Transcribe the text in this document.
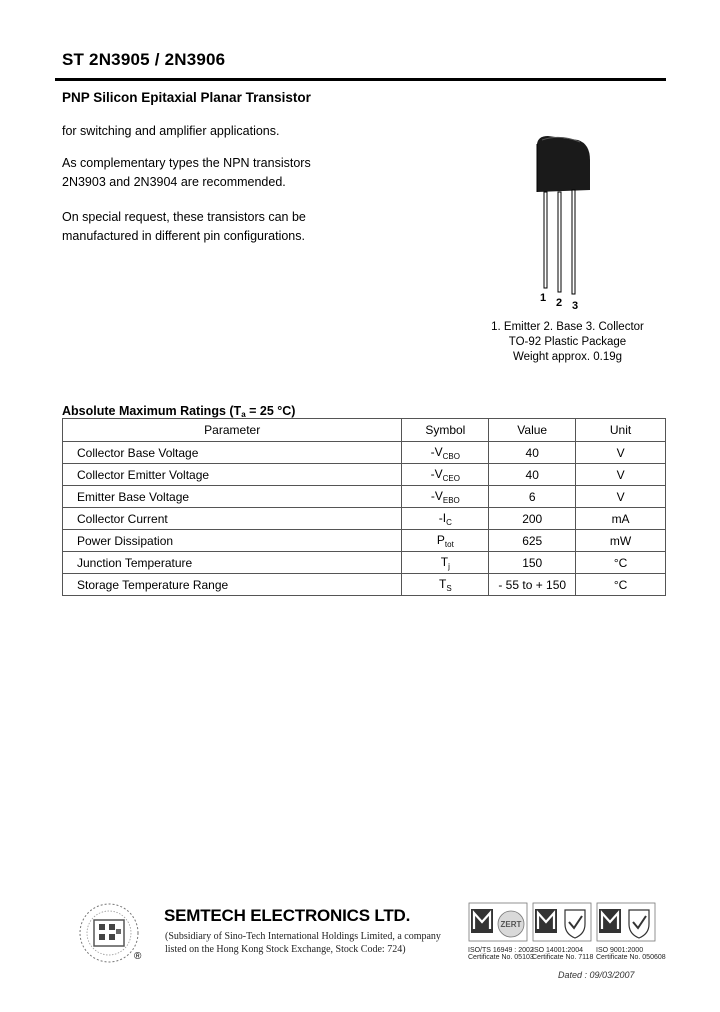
ST 2N3905 / 2N3906
PNP Silicon Epitaxial Planar Transistor
for switching and amplifier applications.
As complementary types the NPN transistors
2N3903 and 2N3904 are recommended.
On special request, these transistors can be
manufactured in different pin configurations.
1 2 3
1. Emitter 2. Base 3. Collector
TO-92 Plastic Package
Weight approx. 0.19g
Absolute Maximum Ratings ($T_a = 25$ °C)
Parameter	Symbol	Value	Unit
Collector Base Voltage	$-V_{CBO}$	40	V
Collector Emitter Voltage	$-V_{CEO}$	40	V
Emitter Base Voltage	$-V_{EBO}$	6	V
Collector Current	$-I_C$	200	mA
Power Dissipation	$P_{tot}$	625	mW
Junction Temperature	$T_j$	150	°C
Storage Temperature Range	$T_S$	- 55 to + 150	°C
®
SEMTECH ELECTRONICS LTD.
(Subsidiary of Sino-Tech International Holdings Limited, a company
listed on the Hong Kong Stock Exchange, Stock Code: 724)
ZERT
ISO/TS 16949 : 2002
Certificate No. 05103
ISO 14001:2004
Certificate No. 7118
ISO 9001:2000
Certificate No. 050608
Dated : 09/03/2007
